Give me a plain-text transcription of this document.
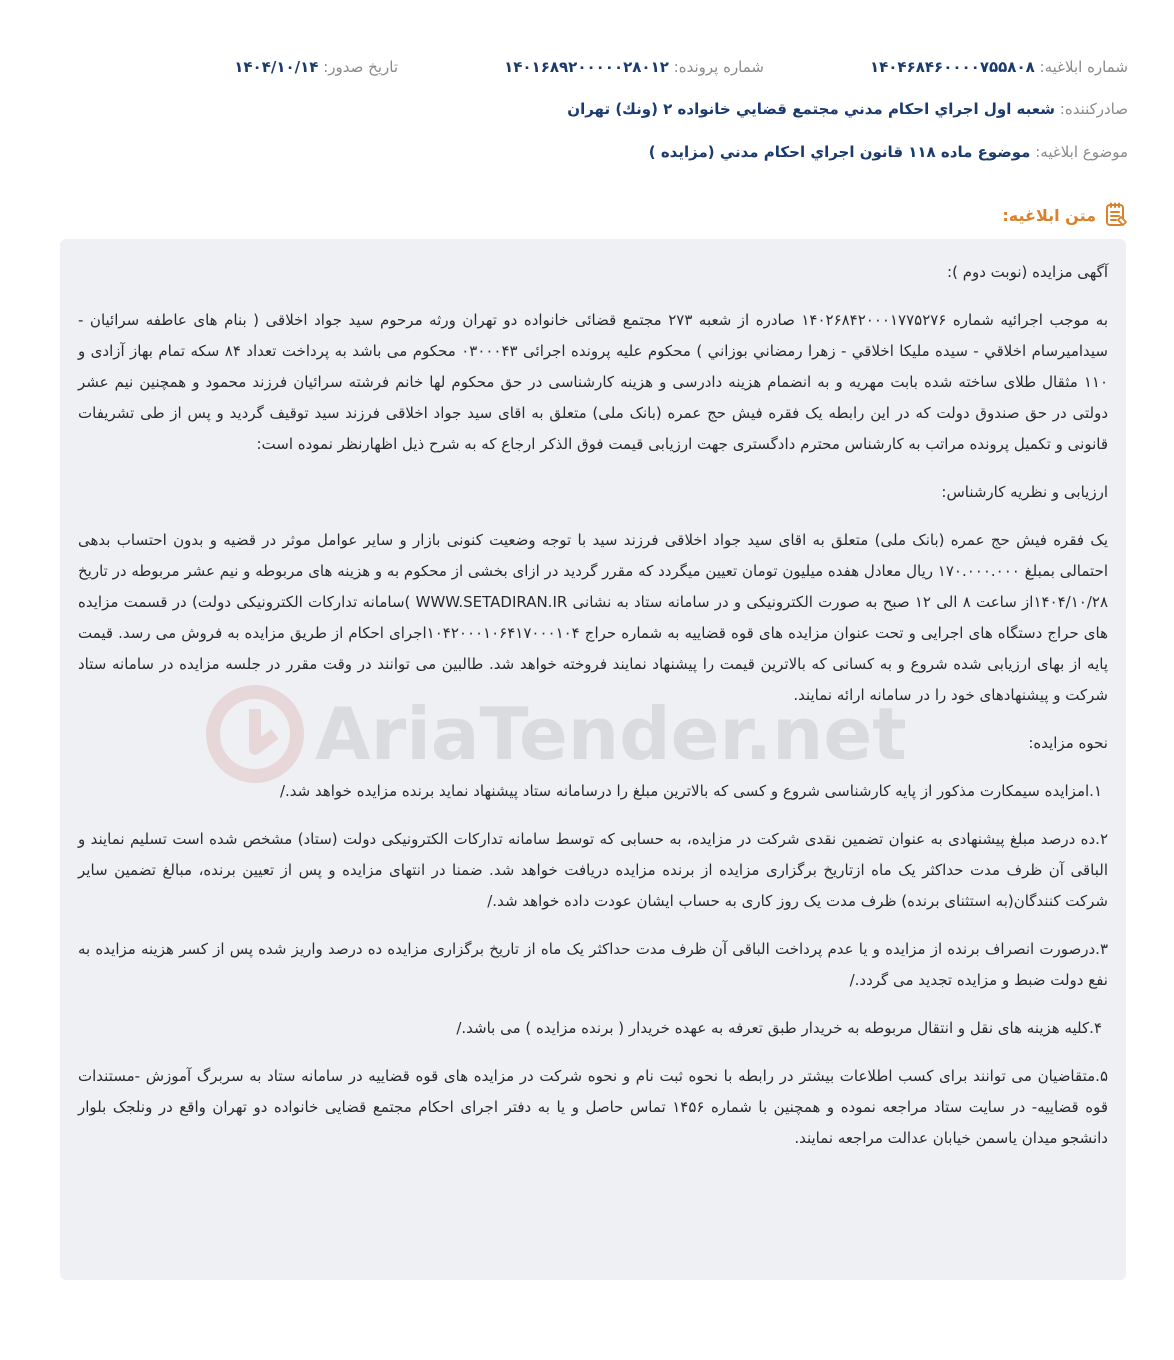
شماره ابلاغیه: ۱۴۰۴۶۸۴۶۰۰۰۰۷۵۵۸۰۸
شماره پرونده: ۱۴۰۱۶۸۹۲۰۰۰۰۰۲۸۰۱۲
تاریخ صدور: ۱۴۰۴/۱۰/۱۴
صادرکننده: شعبه اول اجراي احكام مدني مجتمع قضايي خانواده ۲ (ونك) تهران
موضوع ابلاغیه: موضوع ماده ۱۱۸ قانون اجراي احكام مدني (مزايده )
متن ابلاغیه:
AriaTender.net

آگهی مزایده (نوبت دوم ):

به موجب اجرائیه شماره ۱۴۰۲۶۸۴۲۰۰۰۱۷۷۵۲۷۶ صادره از شعبه ۲۷۳ مجتمع قضائی خانواده دو تهران ورثه مرحوم سید جواد اخلاقی ( بنام های عاطفه سرائیان - سيداميرسام اخلاقي - سيده مليكا اخلاقي - زهرا رمضاني بوزاني ) محکوم علیه پرونده اجرائی ۰۳۰۰۰۴۳ محکوم می باشد به پرداخت تعداد ۸۴ سکه تمام بهاز آزادی و ۱۱۰ مثقال طلای ساخته شده بابت مهریه و به انضمام هزینه دادرسی و هزینه کارشناسی در حق محکوم لها خانم فرشته سرائیان فرزند محمود و همچنین نیم عشر دولتی در حق صندوق دولت که در این رابطه یک فقره فیش حج عمره (بانک ملی) متعلق به اقای سید جواد اخلاقی فرزند سید توقیف گردید و پس از طی تشریفات قانونی و تکمیل پرونده مراتب به کارشناس محترم دادگستری جهت ارزیابی قیمت فوق الذکر ارجاع که به شرح ذیل اظهارنظر نموده است:

ارزیابی و نظریه کارشناس:

یک فقره فیش حج عمره (بانک ملی) متعلق به اقای سید جواد اخلاقی فرزند سید با توجه وضعیت کنونی بازار و سایر عوامل موثر در قضیه و بدون احتساب بدهی احتمالی بمبلغ ۱۷۰.۰۰۰.۰۰۰ ریال معادل هفده میلیون تومان تعیین میگردد که مقرر گردید در ازای بخشی از محکوم به و هزینه های مربوطه و نیم عشر مربوطه در تاریخ ۱۴۰۴/۱۰/۲۸از ساعت ۸ الی ۱۲ صبح به صورت الکترونیکی و در سامانه ستاد به نشانی WWW.SETADIRAN.IR )سامانه تدارکات الکترونیکی دولت) در قسمت مزایده های حراج دستگاه های اجرایی و تحت عنوان مزایده های قوه قضاییه به شماره حراج ۱۰۴۲۰۰۰۱۰۶۴۱۷۰۰۰۱۰۴اجرای احکام از طریق مزایده به فروش می رسد. قیمت پایه از بهای ارزیابی شده شروع و به کسانی که بالاترین قیمت را پیشنهاد نمایند فروخته خواهد شد. طالبین می توانند در وقت مقرر در جلسه مزایده در سامانه ستاد شرکت و پیشنهادهای خود را در سامانه ارائه نمایند.

نحوه مزایده:

۱.امزایده سیمکارت مذکور از پایه کارشناسی شروع و کسی که بالاترین مبلغ را درسامانه ستاد پیشنهاد نماید برنده مزایده خواهد شد./

۲.ده درصد مبلغ پیشنهادی به عنوان تضمین نقدی شرکت در مزایده، به حسابی که توسط سامانه تدارکات الکترونیکی دولت (ستاد) مشخص شده است تسلیم نمایند و الباقی آن ظرف مدت حداکثر یک ماه ازتاریخ برگزاری مزایده از برنده مزایده دریافت خواهد شد. ضمنا در انتهای مزایده و پس از تعیین برنده، مبالغ تضمین سایر شرکت کنندگان(به استثنای برنده) ظرف مدت یک روز کاری به حساب ایشان عودت داده خواهد شد./

۳.درصورت انصراف برنده از مزایده و یا عدم پرداخت الباقی آن ظرف مدت حداکثر یک ماه از تاریخ برگزاری مزایده ده درصد واریز شده پس از کسر هزینه مزایده به نفع دولت ضبط و مزایده تجدید می گردد./

۴.کلیه هزینه های نقل و انتقال مربوطه به خریدار طبق تعرفه به عهده خریدار ( برنده مزایده ) می باشد./

۵.متقاضیان می توانند برای کسب اطلاعات بیشتر در رابطه با نحوه ثبت نام و نحوه شرکت در مزایده های قوه قضاییه در سامانه ستاد به سربرگ آموزش -مستندات قوه قضاییه- در سایت ستاد مراجعه نموده و همچنین با شماره ۱۴۵۶ تماس حاصل و یا به دفتر اجرای احکام مجتمع قضایی خانواده دو تهران واقع در ونلجک بلوار دانشجو میدان یاسمن خیابان عدالت مراجعه نمایند.
